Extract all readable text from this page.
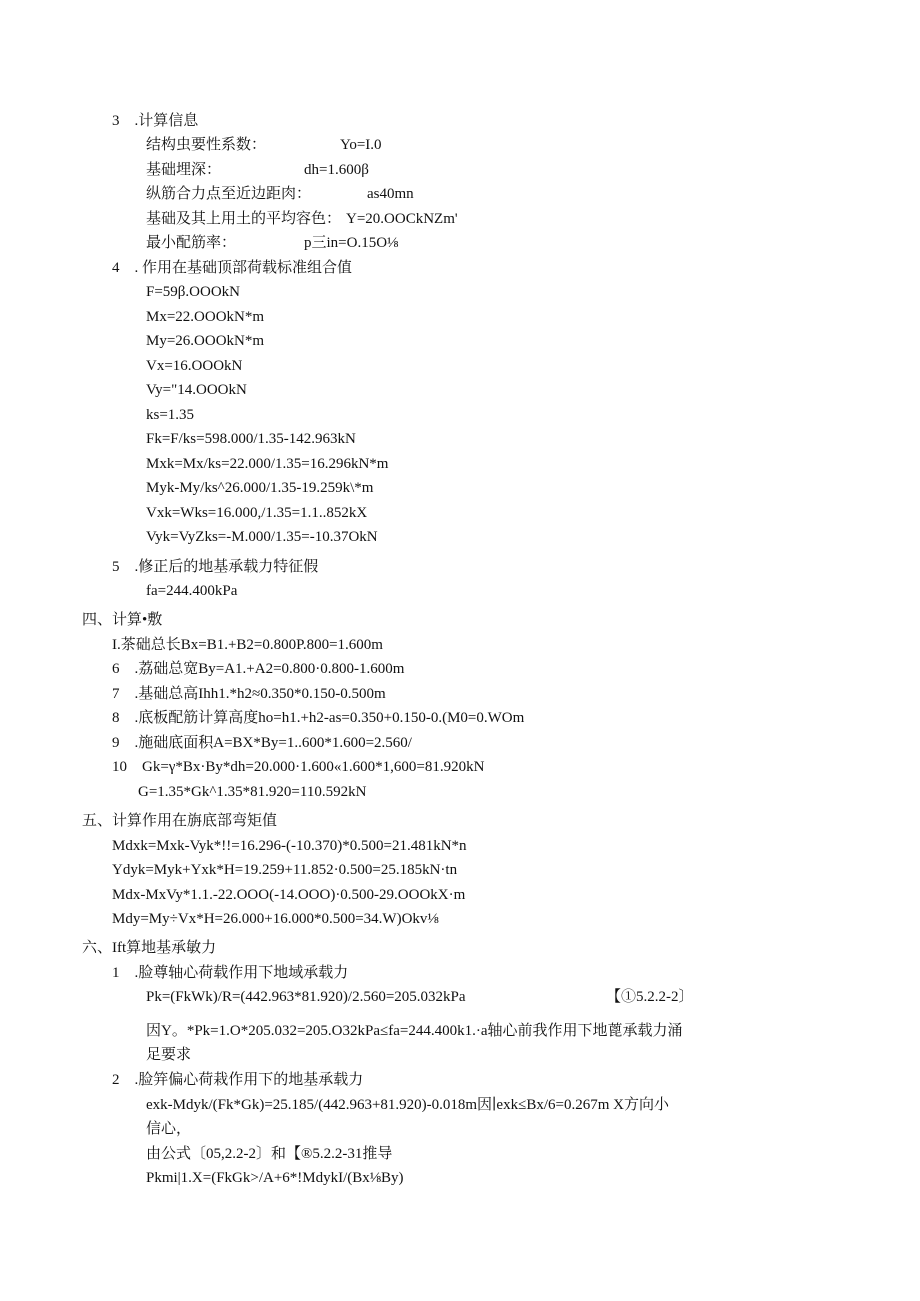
3　.计算信息
结构虫要性系数：	Yo=I.0
基础埋深：	dh=1.600β
纵筋合力点至近边距肉：	as40mn
基础及其上用土的平均容色： Y=20.OOCkNZm'
最小配筋率：	p三in=O.15O⅛
4　. 作用在基础顶部荷载标准组合值
F=59β.OOOkN
Mx=22.OOOkN*m
My=26.OOOkN*m
Vx=16.OOOkN
Vy="14.OOOkN
ks=1.35
Fk=F/ks=598.000/1.35-142.963kN
Mxk=Mx/ks=22.000/1.35=16.296kN*m
Myk-My/ks^26.000/1.35-19.259k\*m
Vxk=Wks=16.000,/1.35=1.1..852kX
Vyk=VyZks=-M.000/1.35=-10.37OkN
5　.修正后的地基承载力特征假
fa=244.400kPa
四、计算•敷
I.茶础总长Bx=B1.+B2=0.800P.800=1.600m
6　.荔础总宽By=A1.+A2=0.800·0.800-1.600m
7　.基础总高Ihh1.*h2≈0.350*0.150-0.500m
8　.底板配筋计算高度ho=h1.+h2-as=0.350+0.150-0.(M0=0.WOm
9　.施础底面积A=BX*By=1..600*1.600=2.560/
10　Gk=γ*Bx·By*dh=20.000·1.600«1.600*1,600=81.920kN
G=1.35*Gk^1.35*81.920=110.592kN
五、计算作用在旃底部弯矩值
Mdxk=Mxk-Vyk*!!=16.296-(-10.370)*0.500=21.481kN*n
Ydyk=Myk+Yxk*H=19.259+11.852·0.500=25.185kN·tn
Mdx-MxVy*1.1.-22.OOO(-14.OOO)·0.500-29.OOOkX·m
Mdy=My÷Vx*H=26.000+16.000*0.500=34.W)Okv⅛
六、Ift算地基承敏力
1　.脸尊轴心荷载作用下地域承载力
Pk=(FkWk)/R=(442.963*81.920)/2.560=205.032kPa	【①5.2.2-2〕
因Y。*Pk=1.O*205.032=205.O32kPa≤fa=244.400k1.·a轴心前我作用下地蓖承载力涌
足要求
2　.脸笄偏心荷栽作用下的地基承载力
exk-Mdyk/(Fk*Gk)=25.185/(442.963+81.920)-0.018m因∣exk≤Bx/6=0.267m X方向小
信心，
由公式〔05,2.2-2〕和【®5.2.2-31推导
Pkmi|1.X=(FkGk>/A+6*!MdykI/(Bx⅛By)
